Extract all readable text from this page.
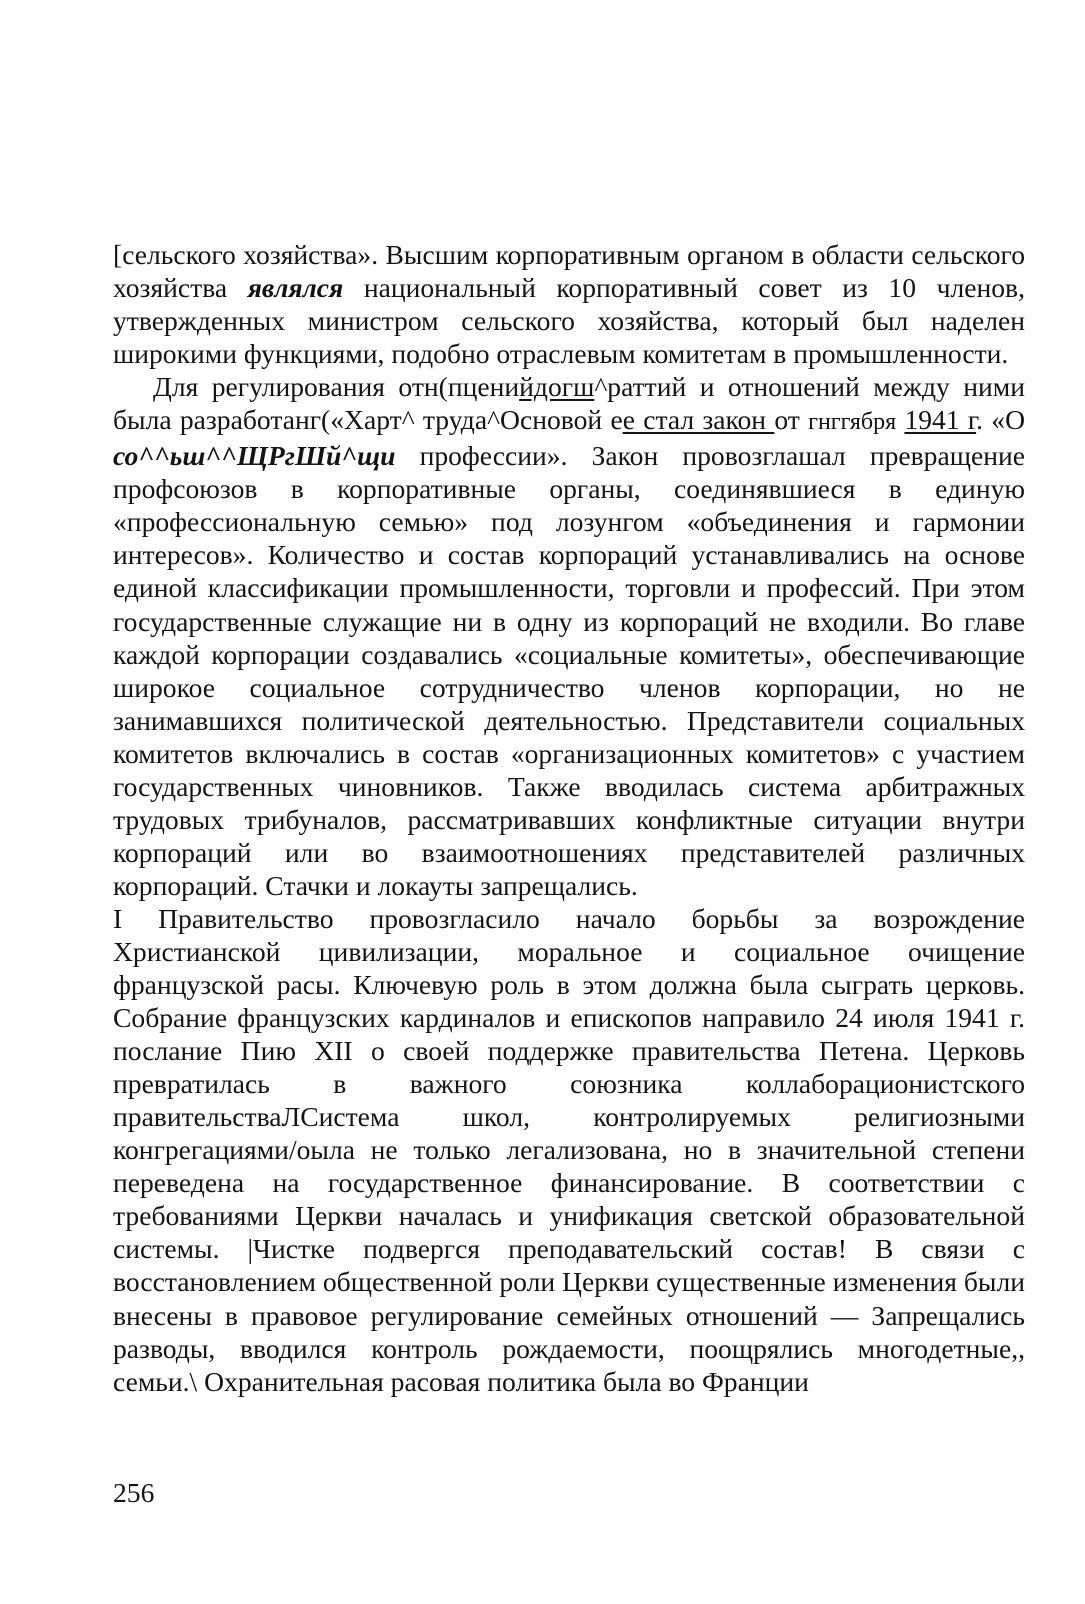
[сельского хозяйства». Высшим корпоративным органом в области сельского хозяйства являлся национальный корпоративный совет из 10 членов, утвержденных министром сельского хозяйства, который был наделен широкими функциями, подобно отраслевым комитетам в промышленности.

Для регулирования отн(пценийдогш^раттий и отношений между ними была разработанг(«Харт^ труда^Основой ее стал закон от гнггября 1941 г. «О со^^ьш^^ЩРгШй^щи профессии». Закон провозглашал превращение профсоюзов в корпоративные органы, соединявшиеся в единую «профессиональную семью» под лозунгом «объединения и гармонии интересов». Количество и состав корпораций устанавливались на основе единой классификации промышленности, торговли и профессий. При этом государственные служащие ни в одну из корпораций не входили. Во главе каждой корпорации создавались «социальные комитеты», обеспечивающие широкое социальное сотрудничество членов корпорации, но не занимавшихся политической деятельностью. Представители социальных комитетов включались в состав «организационных комитетов» с участием государственных чиновников. Также вводилась система арбитражных трудовых трибуналов, рассматривавших конфликтные ситуации внутри корпораций или во взаимоотношениях представителей различных корпораций. Стачки и локауты запрещались.

I Правительство провозгласило начало борьбы за возрождение Христианской цивилизации, моральное и социальное очищение французской расы. Ключевую роль в этом должна была сыграть церковь. Собрание французских кардиналов и епископов направило 24 июля 1941 г. послание Пию XII о своей поддержке правительства Петена. Церковь превратилась в важного союзника коллаборационистского правительстваЛСистема школ, контролируемых религиозными конгрегациями/оыла не только легализована, но в значительной степени переведена на государственное финансирование. В соответствии с требованиями Церкви началась и унификация светской образовательной системы. |Чистке подвергся преподавательский состав! В связи с восстановлением общественной роли Церкви существенные изменения были внесены в правовое регулирование семейных отношений — Запрещались разводы, вводился контроль рождаемости, поощрялись многодетные,, семьи.\ Охранительная расовая политика была во Франции

256
